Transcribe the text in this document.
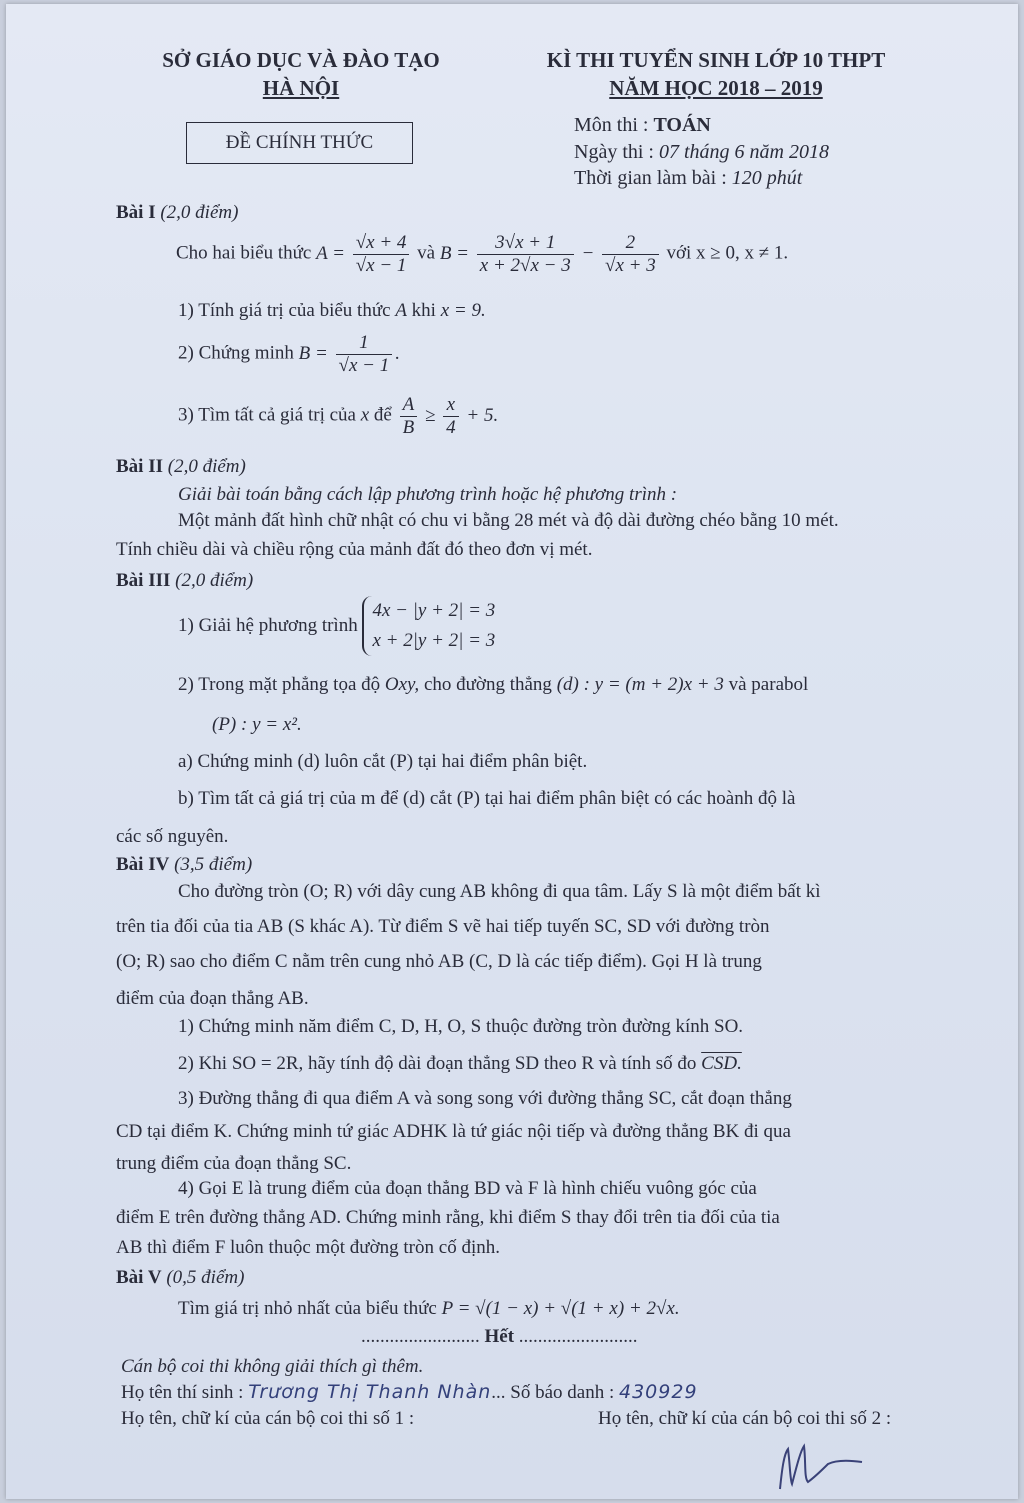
SỞ GIÁO DỤC VÀ ĐÀO TẠO
HÀ NỘI
KÌ THI TUYỂN SINH LỚP 10 THPT
NĂM HỌC 2018 – 2019
ĐỀ CHÍNH THỨC
Môn thi : TOÁN
Ngày thi : 07 tháng 6 năm 2018
Thời gian làm bài : 120 phút
Bài I (2,0 điểm)
Cho hai biểu thức $A = \frac{√x + 4}{√x - 1}$ và $B = \frac{3√x + 1}{x + 2√x - 3} - \frac{2}{√x + 3}$ với x ≥ 0, x ≠ 1.
1) Tính giá trị của biểu thức A khi x = 9.
2) Chứng minh $B = \frac{1}{√x - 1}$ .
3) Tìm tất cả giá trị của x để $\frac{A}{B} \ge \frac{x}{4} + 5$.
Bài II (2,0 điểm)
Giải bài toán bằng cách lập phương trình hoặc hệ phương trình :
Một mảnh đất hình chữ nhật có chu vi bằng 28 mét và độ dài đường chéo bằng 10 mét.
Tính chiều dài và chiều rộng của mảnh đất đó theo đơn vị mét.
Bài III (2,0 điểm)
1) Giải hệ phương trình
4x − |y + 2| = 3
x + 2|y + 2| = 3
2) Trong mặt phẳng tọa độ Oxy, cho đường thẳng (d) : y = (m + 2)x + 3 và parabol
(P) : y = x².
a) Chứng minh (d) luôn cắt (P) tại hai điểm phân biệt.
b) Tìm tất cả giá trị của m để (d) cắt (P) tại hai điểm phân biệt có các hoành độ là
các số nguyên.
Bài IV (3,5 điểm)
Cho đường tròn (O; R) với dây cung AB không đi qua tâm. Lấy S là một điểm bất kì
trên tia đối của tia AB (S khác A). Từ điểm S vẽ hai tiếp tuyến SC, SD với đường tròn
(O; R) sao cho điểm C nằm trên cung nhỏ AB (C, D là các tiếp điểm). Gọi H là trung
điểm của đoạn thẳng AB.
1) Chứng minh năm điểm C, D, H, O, S thuộc đường tròn đường kính SO.
2) Khi SO = 2R, hãy tính độ dài đoạn thẳng SD theo R và tính số đo CSD.
3) Đường thẳng đi qua điểm A và song song với đường thẳng SC, cắt đoạn thẳng
CD tại điểm K. Chứng minh tứ giác ADHK là tứ giác nội tiếp và đường thẳng BK đi qua
trung điểm của đoạn thẳng SC.
4) Gọi E là trung điểm của đoạn thẳng BD và F là hình chiếu vuông góc của
điểm E trên đường thẳng AD. Chứng minh rằng, khi điểm S thay đổi trên tia đối của tia
AB thì điểm F luôn thuộc một đường tròn cố định.
Bài V (0,5 điểm)
Tìm giá trị nhỏ nhất của biểu thức P = √(1 − x) + √(1 + x) + 2√x.
......................... Hết .........................
Cán bộ coi thi không giải thích gì thêm.
Họ tên thí sinh : Trương Thị Thanh Nhàn... Số báo danh : 430929
Họ tên, chữ kí của cán bộ coi thi số 1 :	Họ tên, chữ kí của cán bộ coi thi số 2 :
